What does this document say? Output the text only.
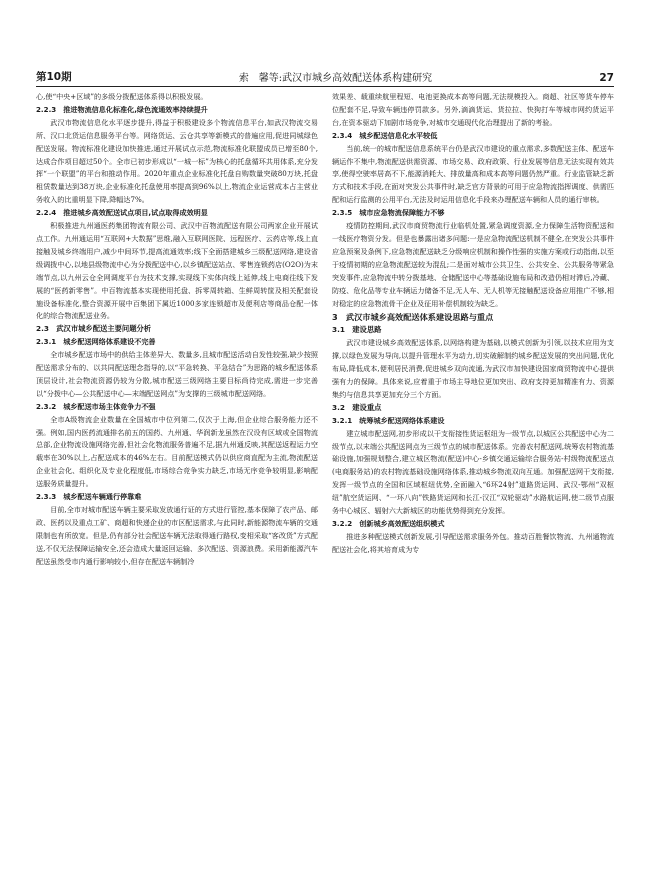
第10期	索　馨等:武汉市城乡高效配送体系构建研究	27
心,使“中央+区域”的多级分拨配送体系得以积极发展。
2.2.3　推进物流信息化标准化,绿色流通效率持续提升
武汉市物流信息化水平逐步提升,得益于积极建设多个物流信息平台,如武汉物流交易所、汉口北货运信息服务平台等。网络货运、云仓共享等新模式的普遍应用,促进同城绿色配送发展。物流标准化建设加快推进,通过开展试点示范,物流标准化联盟成员已增至80个,达成合作项目超过50个。全市已初步形成以“一城一标”为核心的托盘循环共用体系,充分发挥“一个联盟”的平台和推动作用。2020年重点企业标准化托盘自购数量突破80万块,托盘租赁数量达到38万块,企业标准化托盘使用率提高到96%以上,物流企业运营成本占主营业务收入的比重明显下降,降幅达7%。
2.2.4　推进城乡高效配送试点项目,试点取得成效明显
积极推进九州通医药集团物流有限公司、武汉中百物流配送有限公司两家企业开展试点工作。九州通运用“互联网+大数据”思维,融入互联网医院、远程医疗、云药店等,线上直接触及城乡终端用户,减少中间环节,提高流通效率;线下全面搭建城乡三级配送网络,建设省级调拨中心,以地县级物流中心为分拨配送中心,以乡镇配送站点、零售连锁药店(O2O)为末端节点,以九州云仓全网调度平台为技术支撑,实现线下实体向线上延伸,线上电商往线下发展的“医药新零售”。中百物流基本实现使用托盘、拆零周转箱、生鲜周转筐及相关配套设施设备标准化,整合资源开展中百集团下属近1000多家连锁超市及便利店等商品仓配一体化的综合物流配送业务。
2.3　武汉市城乡配送主要问题分析
2.3.1　城乡配送网络体系建设不完善
全市城乡配送市场中的供给主体差异大、数量多,且城市配送活动自发性较强,缺少按照配送需求分布的、以共同配送理念指导的,以“平急转换、平急结合”为思路的城乡配送体系顶层设计,社会物流资源仍较为分散,城市配送三级网络主要目标尚待完成,需进一步完善以“分拨中心—公共配送中心—末端配送网点”为支撑的三级城市配送网络。
2.3.2　城乡配送市场主体竞争力不强
全市A级物流企业数量在全国城市中位列第二,仅次于上海,但企业综合服务能力还不强。例如,国内医药流通排名前五的国药、九州通、华润新龙虽然在汉设有区域或全国物流总部,企业物流设施网络完善,但社会化物流服务普遍不足,据九州通反映,其配送返程运力空载率在30%以上,占配送成本的46%左右。目前配送模式仍以供应商直配为主流,物流配送企业社会化、组织化及专业化程度低,市场综合竞争实力缺乏,市场无序竞争较明显,影响配送服务质量提升。
2.3.3　城乡配送车辆通行停靠难
目前,全市对城市配送车辆主要采取发放通行证的方式进行管控,基本保障了农产品、邮政、医药以及重点工矿、商超和快递企业的市区配送需求,与此同时,新能源物流车辆的交通限制也有所放宽。但是,仍有部分社会配送车辆无法取得通行路权,变相采取“客改货”方式配送,不仅无法保障运输安全,还会造成大量返回运输、多次配送、资源浪费。采用新能源汽车配送虽然受市内通行影响较小,但存在配送车辆制冷
效果差、载重续航里程短、电池更换成本高等问题,无法规模投入。商超、社区等货车停车位配套不足,导致车辆违停罚款多。另外,滴滴货运、货拉拉、快狗打车等城市网约货运平台,在资本驱动下加剧市场竞争,对城市交通现代化治理提出了新的考验。
2.3.4　城乡配送信息化水平较低
当前,统一的城市配送信息系统平台仍是武汉市建设的重点需求,多数配送主体、配送车辆运作不集中,物流配送供需资源、市场交易、政府政策、行业发展等信息无法实现有效共享,使得空驶率居高不下,能源消耗大、排放量高和成本高等问题仍然严重。行业监管缺乏新方式和技术手段,在面对突发公共事件时,缺乏官方背景的可用于应急物流指挥调度、供需匹配和运行监测的公用平台,无法及时运用信息化手段来办理配送车辆和人员的通行审核。
2.3.5　城市应急物流保障能力不够
疫情防控期间,武汉市商贸物流行业临机处置,紧急调度资源,全力保障生活物资配送和一线医疗物资分发。但是也暴露出诸多问题:一是应急物流配送机制不健全,在突发公共事件应急预案及条例下,应急物流配送缺乏分级响应机制和操作性强的实施方案或行动指南,以至于疫情初期的应急物流配送较为混乱;二是面对城市公共卫生、公共安全、公共服务等紧急突发事件,应急物流中转分拨基地、仓储配送中心等基础设施布局和改造仍相对滞后,冷藏、防疫、危化品等专业车辆运力储备不足,无人车、无人机等无接触配送设备应用推广不够,相对稳定的应急物流骨干企业及征用补偿机制较为缺乏。
3　武汉市城乡高效配送体系建设思路与重点
3.1　建设思路
武汉市建设城乡高效配送体系,以网络构建为基础,以模式创新为引领,以技术应用为支撑,以绿色发展为导向,以提升管理水平为动力,切实破解制约城乡配送发展的突出问题,优化布局,降低成本,便利居民消费,促进城乡双向流通,为武汉市加快建设国家商贸物流中心提供强有力的保障。具体来说,应着重于市场主导地位更加突出、政府支持更加精准有力、资源集约与信息共享更加充分三个方面。
3.2　建设重点
3.2.1　统筹城乡配送网络体系建设
建立城市配送网,初步形成以干支衔接性货运枢纽为一级节点,以城区公共配送中心为二级节点,以末端公共配送网点为三级节点的城市配送体系。完善农村配送网,统筹农村物流基础设施,加强规划整合,建立城区物流(配送)中心-乡镇交通运输综合服务站-村级物流配送点(电商服务站)的农村物流基础设施网络体系,推动城乡物流双向互通。加强配送网干支衔接,发挥一级节点的全国和区域枢纽优势,全面融入“6环24射”道路货运网、武汉-鄂州“双枢纽”航空货运网、“一环八向”铁路货运网和长江-汉江“双轮驱动”水路航运网,使二级节点服务中心城区、辐射六大新城区的功能优势得到充分发挥。
3.2.2　创新城乡高效配送组织模式
推进多种配送模式创新发展,引导配送需求服务外包。推动百胜餐饮物流、九州通物流配送社会化,将其培育成为专
